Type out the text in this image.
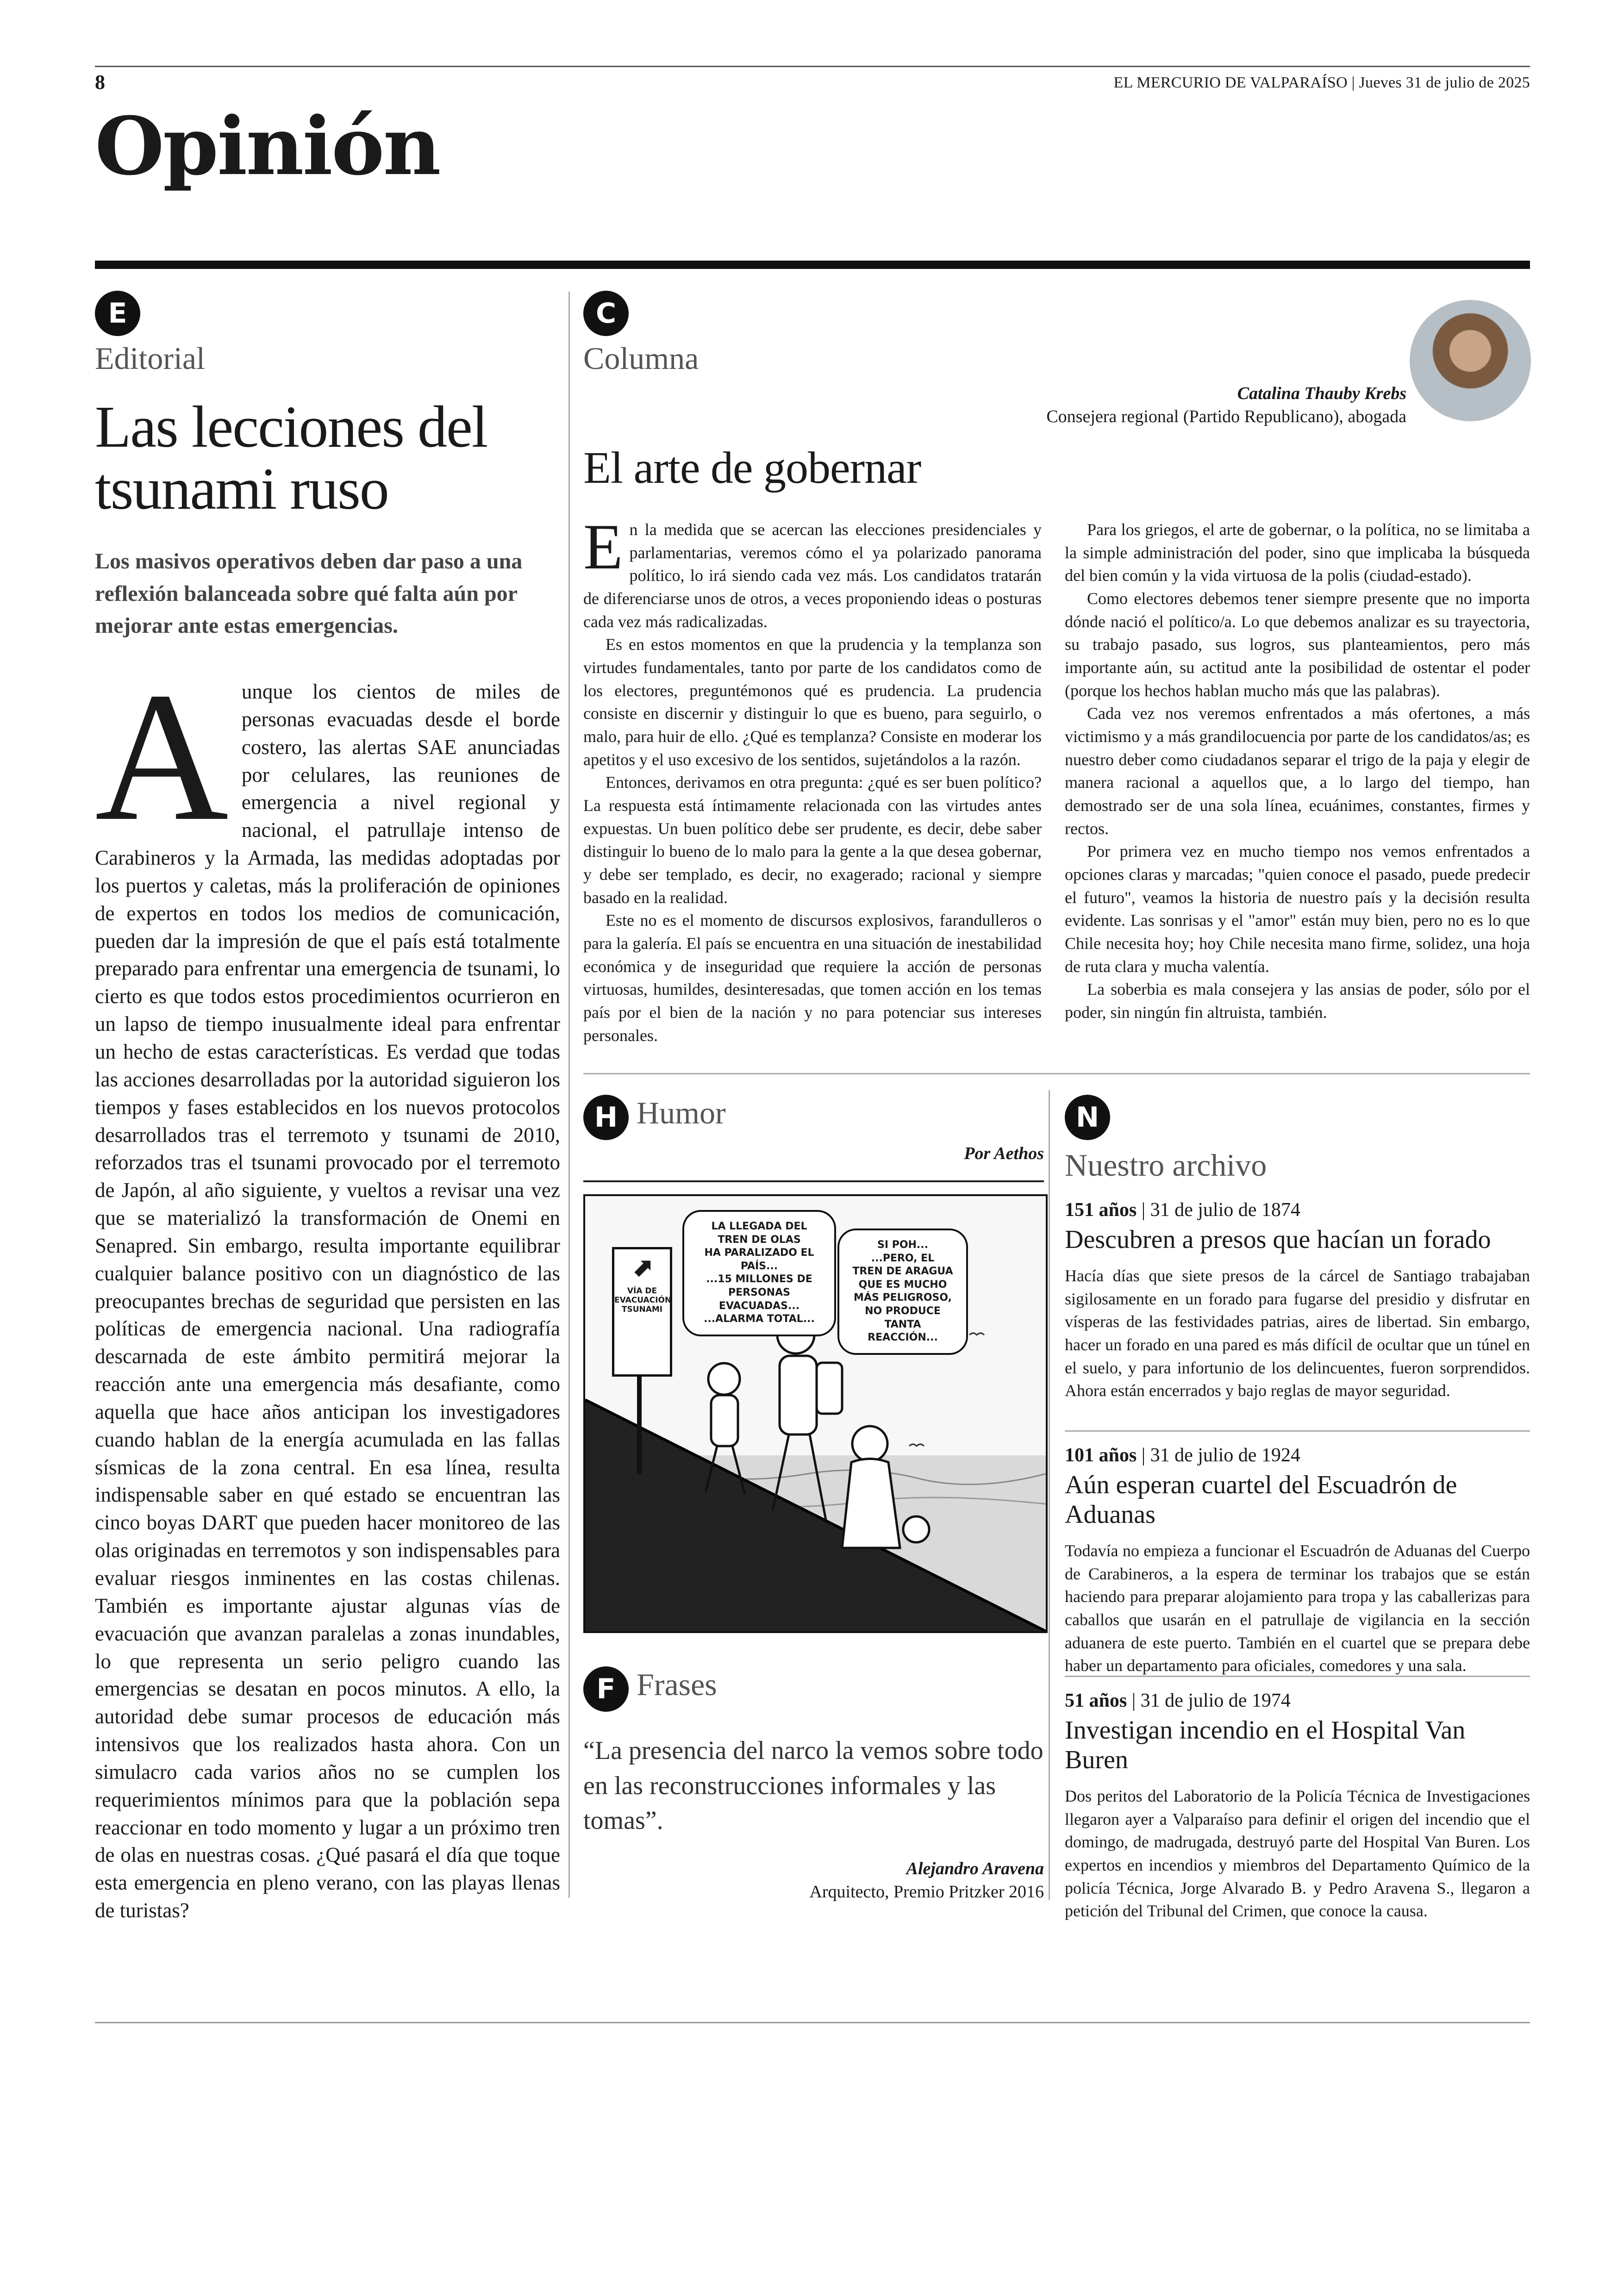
8	EL MERCURIO DE VALPARAÍSO | Jueves 31 de julio de 2025
Opinión
E
Editorial
Las lecciones del tsunami ruso
Los masivos operativos deben dar paso a una reflexión balanceada sobre qué falta aún por mejorar ante estas emergencias.
Aunque los cientos de miles de personas evacuadas desde el borde costero, las alertas SAE anunciadas por celulares, las reuniones de emergencia a nivel regional y nacional, el patrullaje intenso de Carabineros y la Armada, las medidas adoptadas por los puertos y caletas, más la proliferación de opiniones de expertos en todos los medios de comunicación, pueden dar la impresión de que el país está totalmente preparado para enfrentar una emergencia de tsunami, lo cierto es que todos estos procedimientos ocurrieron en un lapso de tiempo inusualmente ideal para enfrentar un hecho de estas características. Es verdad que todas las acciones desarrolladas por la autoridad siguieron los tiempos y fases establecidos en los nuevos protocolos desarrollados tras el terremoto y tsunami de 2010, reforzados tras el tsunami provocado por el terremoto de Japón, al año siguiente, y vueltos a revisar una vez que se materializó la transformación de Onemi en Senapred. Sin embargo, resulta importante equilibrar cualquier balance positivo con un diagnóstico de las preocupantes brechas de seguridad que persisten en las políticas de emergencia nacional. Una radiografía descarnada de este ámbito permitirá mejorar la reacción ante una emergencia más desafiante, como aquella que hace años anticipan los investigadores cuando hablan de la energía acumulada en las fallas sísmicas de la zona central. En esa línea, resulta indispensable saber en qué estado se encuentran las cinco boyas DART que pueden hacer monitoreo de las olas originadas en terremotos y son indispensables para evaluar riesgos inminentes en las costas chilenas. También es importante ajustar algunas vías de evacuación que avanzan paralelas a zonas inundables, lo que representa un serio peligro cuando las emergencias se desatan en pocos minutos. A ello, la autoridad debe sumar procesos de educación más intensivos que los realizados hasta ahora. Con un simulacro cada varios años no se cumplen los requerimientos mínimos para que la población sepa reaccionar en todo momento y lugar a un próximo tren de olas en nuestras cosas. ¿Qué pasará el día que toque esta emergencia en pleno verano, con las playas llenas de turistas?
C
Columna
Catalina Thauby Krebs
Consejera regional (Partido Republicano), abogada
El arte de gobernar

En la medida que se acercan las elecciones presidenciales y parlamentarias, veremos cómo el ya polarizado panorama político, lo irá siendo cada vez más. Los candidatos tratarán de diferenciarse unos de otros, a veces proponiendo ideas o posturas cada vez más radicalizadas.

Es en estos momentos en que la prudencia y la templanza son virtudes fundamentales, tanto por parte de los candidatos como de los electores, preguntémonos qué es prudencia. La prudencia consiste en discernir y distinguir lo que es bueno, para seguirlo, o malo, para huir de ello. ¿Qué es templanza? Consiste en moderar los apetitos y el uso excesivo de los sentidos, sujetándolos a la razón.

Entonces, derivamos en otra pregunta: ¿qué es ser buen político? La respuesta está íntimamente relacionada con las virtudes antes expuestas. Un buen político debe ser prudente, es decir, debe saber distinguir lo bueno de lo malo para la gente a la que desea gobernar, y debe ser templado, es decir, no exagerado; racional y siempre basado en la realidad.

Este no es el momento de discursos explosivos, farandulleros o para la galería. El país se encuentra en una situación de inestabilidad económica y de inseguridad que requiere la acción de personas virtuosas, humildes, desinteresadas, que tomen acción en los temas país por el bien de la nación y no para potenciar sus intereses personales.

Para los griegos, el arte de gobernar, o la política, no se limitaba a la simple administración del poder, sino que implicaba la búsqueda del bien común y la vida virtuosa de la polis (ciudad-estado).

Como electores debemos tener siempre presente que no importa dónde nació el político/a. Lo que debemos analizar es su trayectoria, su trabajo pasado, sus logros, sus planteamientos, pero más importante aún, su actitud ante la posibilidad de ostentar el poder (porque los hechos hablan mucho más que las palabras).

Cada vez nos veremos enfrentados a más ofertones, a más victimismo y a más grandilocuencia por parte de los candidatos/as; es nuestro deber como ciudadanos separar el trigo de la paja y elegir de manera racional a aquellos que, a lo largo del tiempo, han demostrado ser de una sola línea, ecuánimes, constantes, firmes y rectos.

Por primera vez en mucho tiempo nos vemos enfrentados a opciones claras y marcadas; "quien conoce el pasado, puede predecir el futuro", veamos la historia de nuestro país y la decisión resulta evidente. Las sonrisas y el "amor" están muy bien, pero no es lo que Chile necesita hoy; hoy Chile necesita mano firme, solidez, una hoja de ruta clara y mucha valentía.

La soberbia es mala consejera y las ansias de poder, sólo por el poder, sin ningún fin altruista, también.

H Humor
Por Aethos
⬈
VÍA DE
EVACUACIÓN
TSUNAMI
LA LLEGADA DEL
TREN DE OLAS
HA PARALIZADO EL PAÍS...
...15 MILLONES DE
PERSONAS EVACUADAS...
...ALARMA TOTAL...
SI POH...
...PERO, EL
TREN DE ARAGUA
QUE ES MUCHO
MÁS PELIGROSO,
NO PRODUCE TANTA
REACCIÓN...
F Frases
“La presencia del narco la vemos sobre todo en las reconstrucciones informales y las tomas”.
Alejandro Aravena
Arquitecto, Premio Pritzker 2016
N
Nuestro archivo
151 años | 31 de julio de 1874
Descubren a presos que hacían un forado
Hacía días que siete presos de la cárcel de Santiago trabajaban sigilosamente en un forado para fugarse del presidio y disfrutar en vísperas de las festividades patrias, aires de libertad. Sin embargo, hacer un forado en una pared es más difícil de ocultar que un túnel en el suelo, y para infortunio de los delincuentes, fueron sorprendidos. Ahora están encerrados y bajo reglas de mayor seguridad.
101 años | 31 de julio de 1924
Aún esperan cuartel del Escuadrón de Aduanas
Todavía no empieza a funcionar el Escuadrón de Aduanas del Cuerpo de Carabineros, a la espera de terminar los trabajos que se están haciendo para preparar alojamiento para tropa y las caballerizas para caballos que usarán en el patrullaje de vigilancia en la sección aduanera de este puerto. También en el cuartel que se prepara debe haber un departamento para oficiales, comedores y una sala.
51 años | 31 de julio de 1974
Investigan incendio en el Hospital Van Buren
Dos peritos del Laboratorio de la Policía Técnica de Investigaciones llegaron ayer a Valparaíso para definir el origen del incendio que el domingo, de madrugada, destruyó parte del Hospital Van Buren. Los expertos en incendios y miembros del Departamento Químico de la policía Técnica, Jorge Alvarado B. y Pedro Aravena S., llegaron a petición del Tribunal del Crimen, que conoce la causa.
